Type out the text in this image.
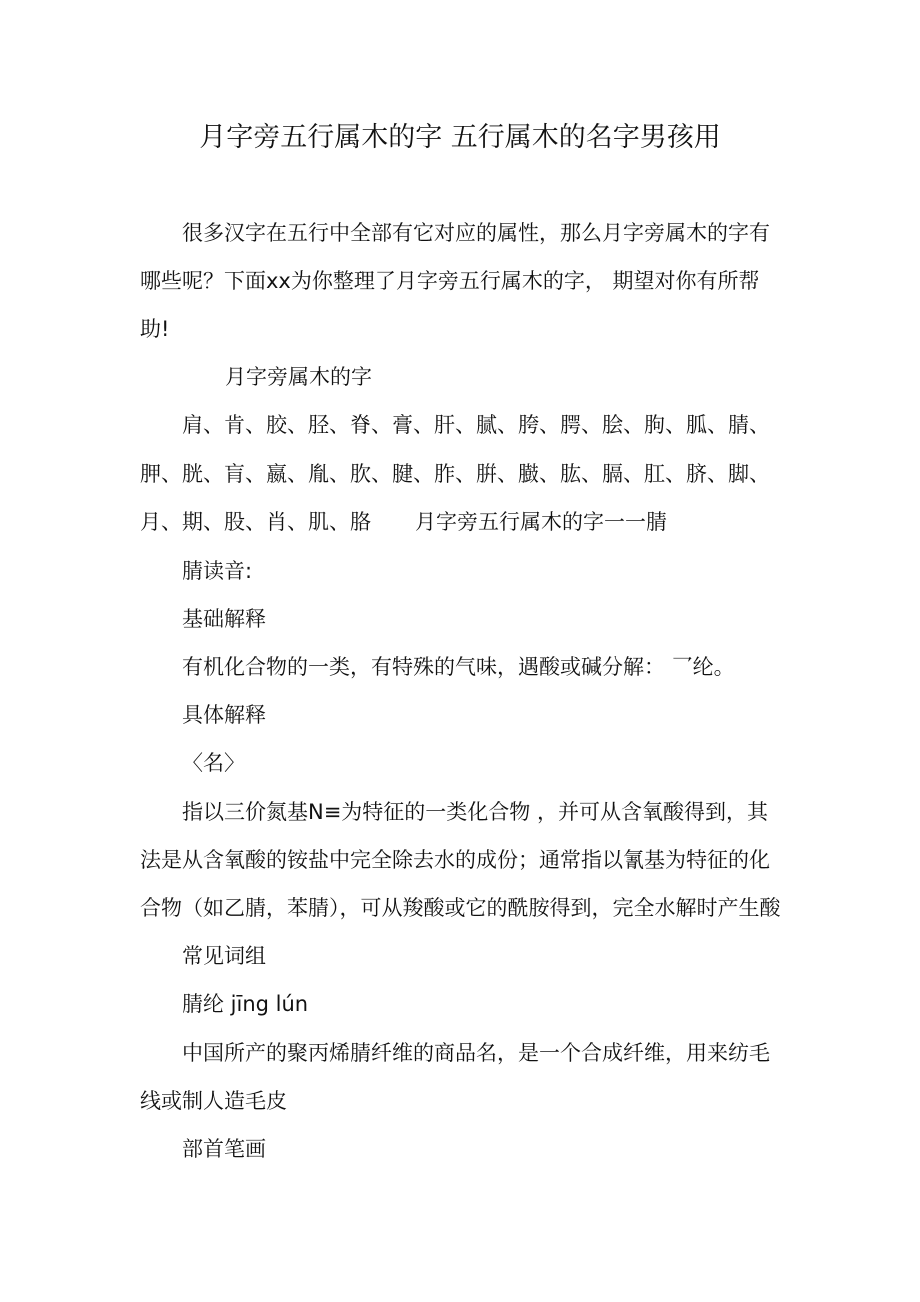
月字旁五行属木的字 五行属木的名字男孩用
很多汉字在五行中全部有它对应的属性，那么月字旁属木的字有
哪些呢？下面xx为你整理了月字旁五行属木的字， 期望对你有所帮
助!
月字旁属木的字
肩、肯、胶、胫、脊、膏、肝、腻、胯、腭、脍、朐、胍、腈、
胛、胱、肓、嬴、胤、肷、腱、胙、腁、臌、肱、膈、肛、脐、脚、
月、期、股、肖、肌、胳 月字旁五行属木的字一一腈
腈读音:
基础解释
有机化合物的一类，有特殊的气味，遇酸或碱分解： 乛纶。
具体解释
〈名〉
指以三价氮基N≡为特征的一类化合物 ，并可从含氧酸得到，其
法是从含氧酸的铵盐中完全除去水的成份；通常指以氰基为特征的化
合物（如乙腈，苯腈），可从羧酸或它的酰胺得到，完全水解时产生酸
常见词组
腈纶 jīng lún
中国所产的聚丙烯腈纤维的商品名，是一个合成纤维，用来纺毛
线或制人造毛皮
部首笔画
